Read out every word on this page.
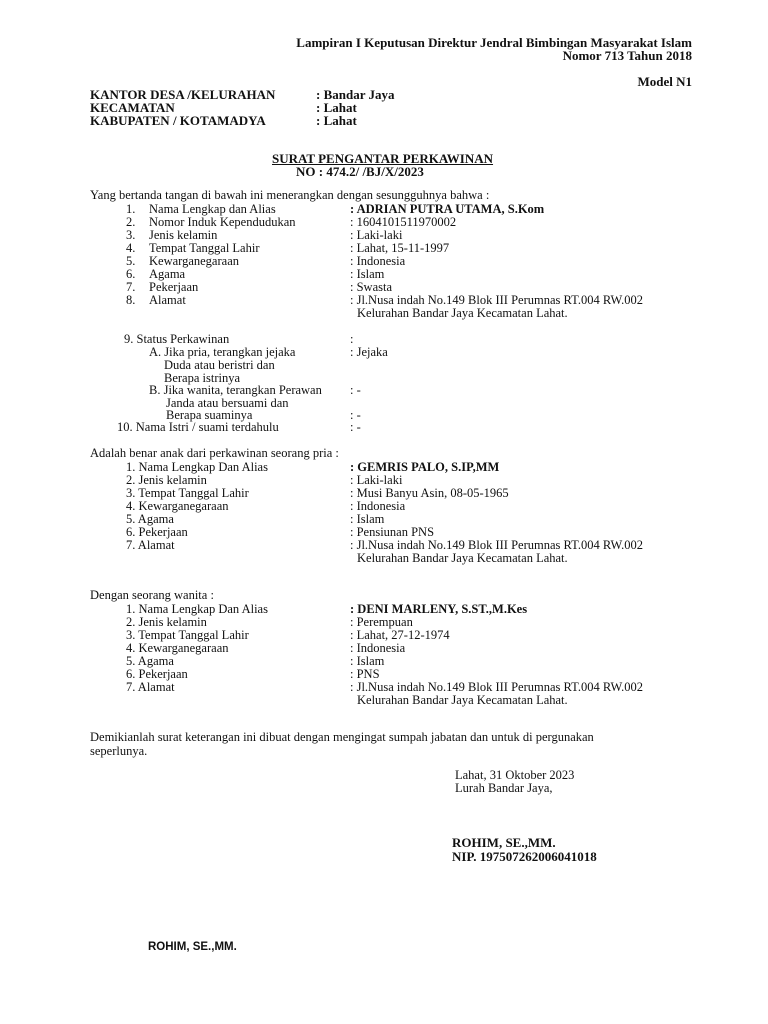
Lampiran I Keputusan Direktur Jendral Bimbingan Masyarakat Islam
Nomor 713 Tahun 2018
Model N1
KANTOR DESA /KELURAHAN	: Bandar Jaya
KECAMATAN	: Lahat
KABUPATEN / KOTAMADYA	: Lahat
SURAT PENGANTAR PERKAWINAN
NO : 474.2/ /BJ/X/2023
Yang bertanda tangan di bawah ini menerangkan dengan sesungguhnya bahwa :
1. Nama Lengkap dan Alias	: ADRIAN PUTRA UTAMA, S.Kom
2. Nomor Induk Kependudukan	: 1604101511970002
3. Jenis kelamin	: Laki-laki
4. Tempat Tanggal Lahir	: Lahat, 15-11-1997
5. Kewarganegaraan	: Indonesia
6. Agama	: Islam
7. Pekerjaan	: Swasta
8. Alamat	: Jl.Nusa indah No.149 Blok III Perumnas RT.004 RW.002
Kelurahan Bandar Jaya Kecamatan Lahat.
9. Status Perkawinan	:
A. Jika pria, terangkan jejaka	: Jejaka
Duda atau beristri dan
Berapa istrinya
B. Jika wanita, terangkan Perawan : -
Janda atau bersuami dan
Berapa suaminya	: -
10. Nama Istri / suami terdahulu	: -
Adalah benar anak dari perkawinan seorang pria :
1. Nama Lengkap Dan Alias	: GEMRIS PALO, S.IP,MM
2. Jenis kelamin	: Laki-laki
3. Tempat Tanggal Lahir	: Musi Banyu Asin, 08-05-1965
4. Kewarganegaraan	: Indonesia
5. Agama	: Islam
6. Pekerjaan	: Pensiunan PNS
7. Alamat	: Jl.Nusa indah No.149 Blok III Perumnas RT.004 RW.002
Kelurahan Bandar Jaya Kecamatan Lahat.
Dengan seorang wanita :
1. Nama Lengkap Dan Alias	: DENI MARLENY, S.ST.,M.Kes
2. Jenis kelamin	: Perempuan
3. Tempat Tanggal Lahir	: Lahat, 27-12-1974
4. Kewarganegaraan	: Indonesia
5. Agama	: Islam
6. Pekerjaan	: PNS
7. Alamat	: Jl.Nusa indah No.149 Blok III Perumnas RT.004 RW.002
Kelurahan Bandar Jaya Kecamatan Lahat.
Demikianlah surat keterangan ini dibuat dengan mengingat sumpah jabatan dan untuk di pergunakan
seperlunya.
Lahat, 31 Oktober 2023
Lurah Bandar Jaya,
ROHIM, SE.,MM.
NIP. 197507262006041018
ROHIM, SE.,MM.
